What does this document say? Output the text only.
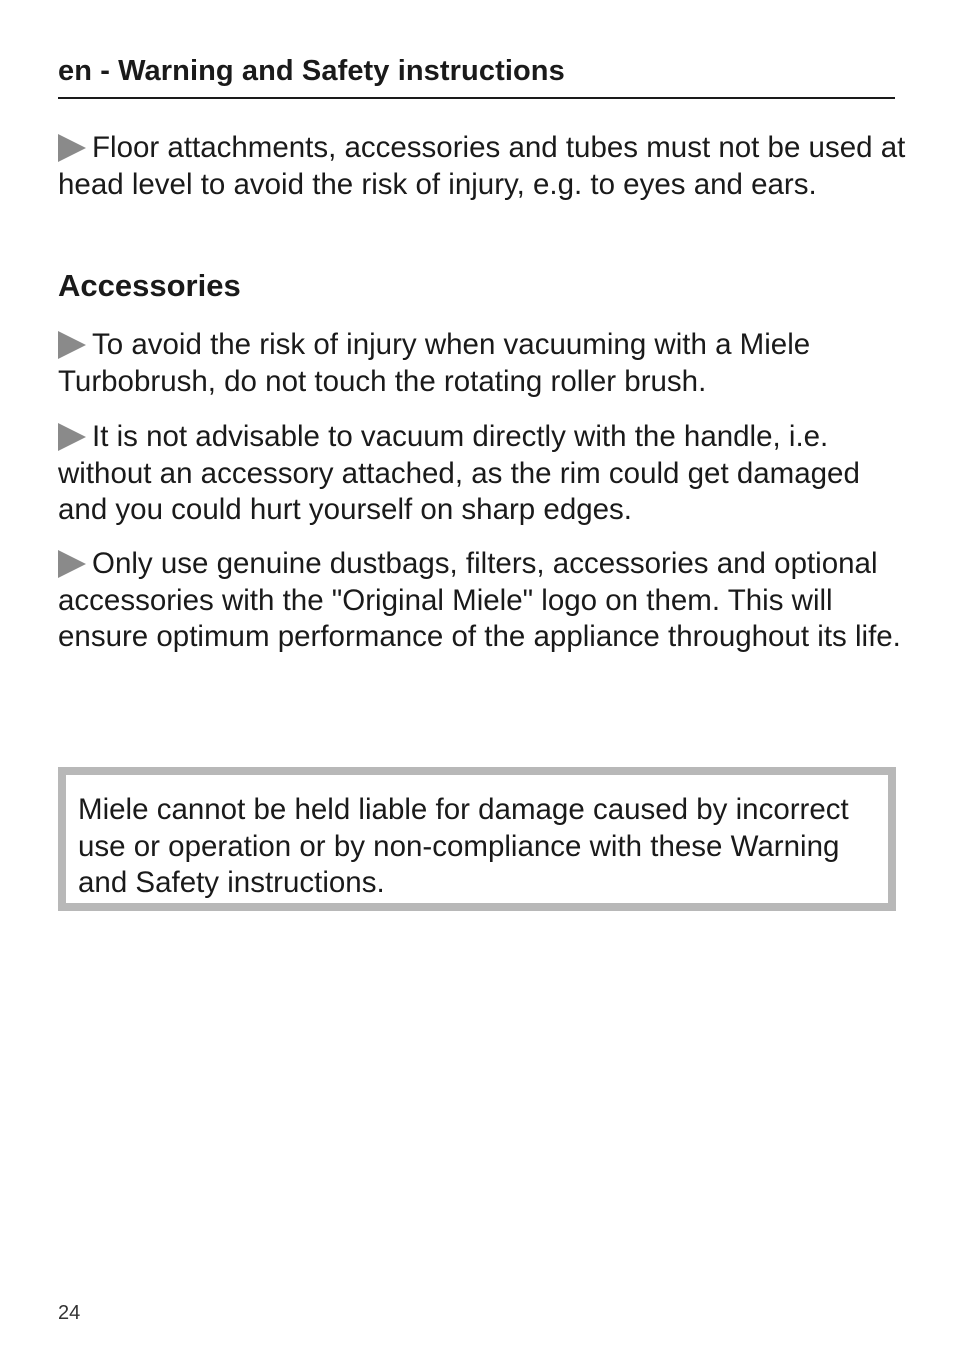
en - Warning and Safety instructions
Floor attachments, accessories and tubes must not be used at head level to avoid the risk of injury, e.g. to eyes and ears.
Accessories
To avoid the risk of injury when vacuuming with a Miele Turbobrush, do not touch the rotating roller brush.
It is not advisable to vacuum directly with the handle, i.e. without an accessory attached, as the rim could get damaged and you could hurt yourself on sharp edges.
Only use genuine dustbags, filters, accessories and optional accessories with the "Original Miele" logo on them. This will ensure optimum performance of the appliance throughout its life.
Miele cannot be held liable for damage caused by incorrect use or operation or by non-compliance with these Warning and Safety instructions.
24
